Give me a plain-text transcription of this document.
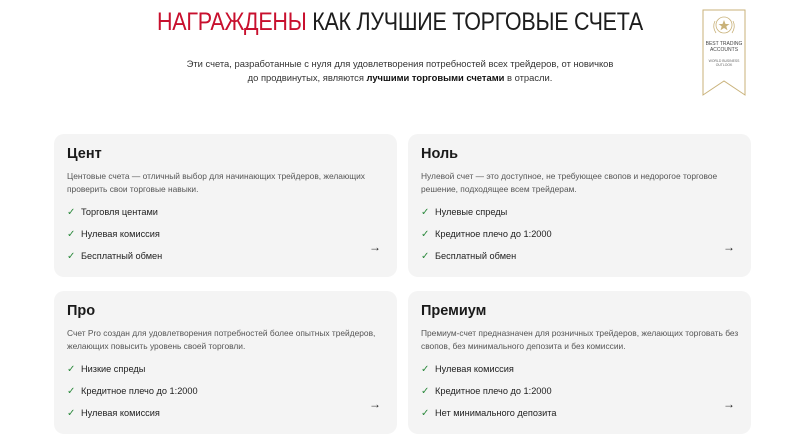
НАГРАЖДЕНЫ КАК ЛУЧШИЕ ТОРГОВЫЕ СЧЕТА

Эти счета, разработанные с нуля для удовлетворения потребностей всех трейдеров, от новичков до продвинутых, являются лучшими торговыми счетами в отрасли.

BEST TRADING ACCOUNTS
WORLD BUSINESS OUTLOOK
Цент

Центовые счета — отличный выбор для начинающих трейдеров, желающих проверить свои торговые навыки.

✓ Торговля центами
✓ Нулевая комиссия
✓ Бесплатный обмен
→
Ноль

Нулевой счет — это доступное, не требующее свопов и недорогое торговое решение, подходящее всем трейдерам.

✓ Нулевые спреды
✓ Кредитное плечо до 1:2000
✓ Бесплатный обмен
→
Про

Счет Pro создан для удовлетворения потребностей более опытных трейдеров, желающих повысить уровень своей торговли.

✓ Низкие спреды
✓ Кредитное плечо до 1:2000
✓ Нулевая комиссия
→
Премиум

Премиум-счет предназначен для розничных трейдеров, желающих торговать без свопов, без минимального депозита и без комиссии.

✓ Нулевая комиссия
✓ Кредитное плечо до 1:2000
✓ Нет минимального депозита
→
